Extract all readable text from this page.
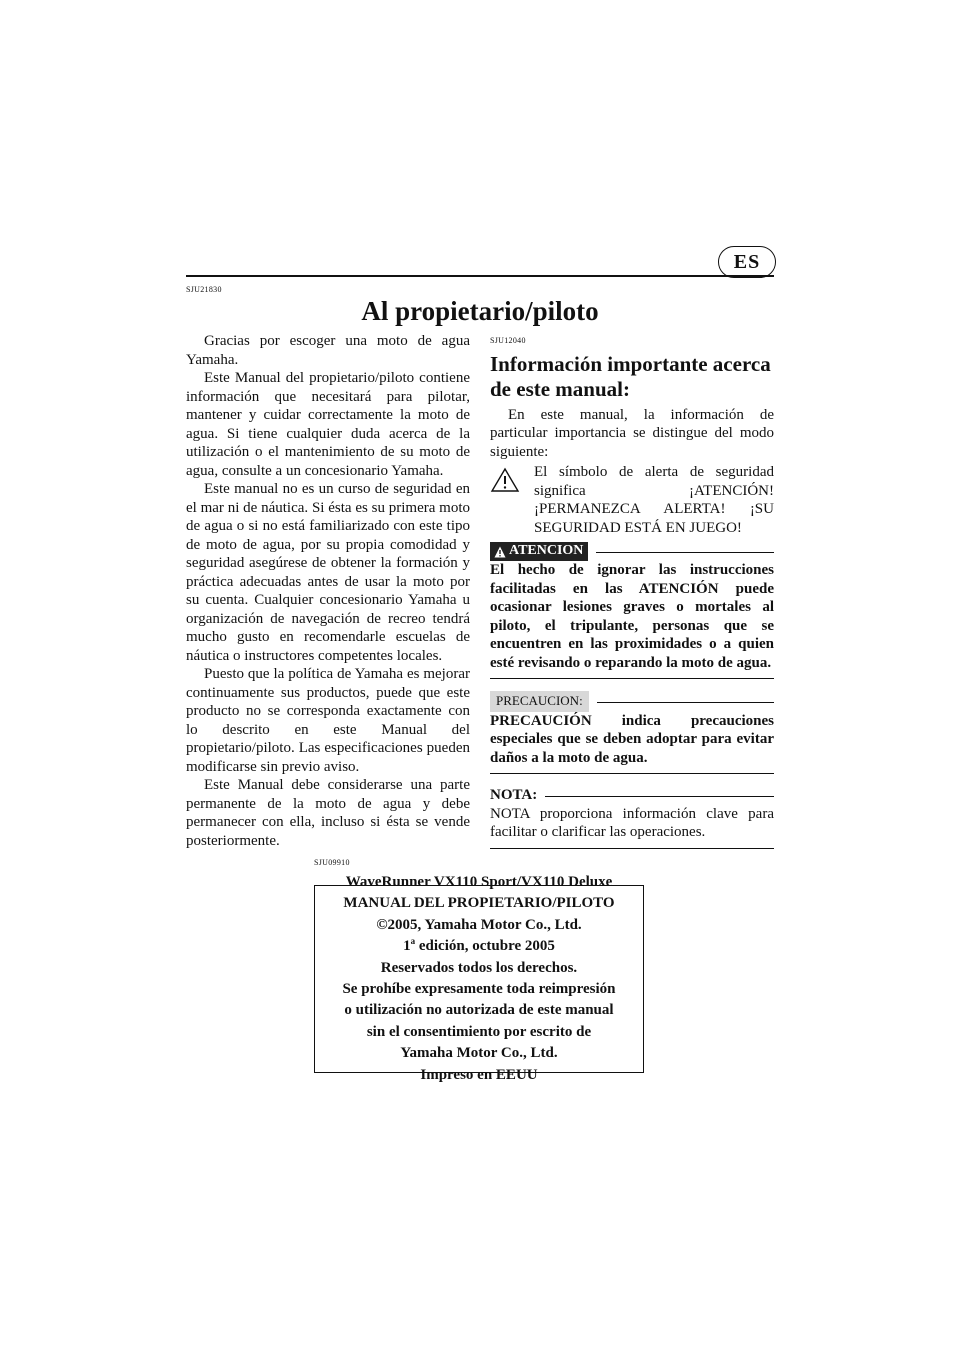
ES
SJU21830
Al propietario/piloto

Gracias por escoger una moto de agua Yamaha.

Este Manual del propietario/piloto contiene información que necesitará para pilotar, mantener y cuidar correctamente la moto de agua. Si tiene cualquier duda acerca de la utilización o el mantenimiento de su moto de agua, consulte a un concesionario Yamaha.

Este manual no es un curso de seguridad en el mar ni de náutica. Si ésta es su primera moto de agua o si no está familiarizado con este tipo de moto de agua, por su propia comodidad y seguridad asegúrese de obtener la formación y práctica adecuadas antes de usar la moto por su cuenta. Cualquier concesionario Yamaha u organización de navegación de recreo tendrá mucho gusto en recomendarle escuelas de náutica o instructores competentes locales.

Puesto que la política de Yamaha es mejorar continuamente sus productos, puede que este producto no se corresponda exactamente con lo descrito en este Manual del propietario/piloto. Las especificaciones pueden modificarse sin previo aviso.

Este Manual debe considerarse una parte permanente de la moto de agua y debe permanecer con ella, incluso si ésta se vende posteriormente.

SJU12040
Información importante acerca de este manual:

En este manual, la información de particular importancia se distingue del modo siguiente:

El símbolo de alerta de seguridad significa ¡ATENCIÓN! ¡PERMANEZCA ALERTA! ¡SU SEGURIDAD ESTÁ EN JUEGO!

ATENCION

El hecho de ignorar las instrucciones facilitadas en las ATENCIÓN puede ocasionar lesiones graves o mortales al piloto, el tripulante, personas que se encuentren en las proximidades o a quien esté revisando o reparando la moto de agua.

PRECAUCION:

PRECAUCIÓN indica precauciones especiales que se deben adoptar para evitar daños a la moto de agua.

NOTA:

NOTA proporciona información clave para facilitar o clarificar las operaciones.

SJU09910
WaveRunner VX110 Sport/VX110 Deluxe
MANUAL DEL PROPIETARIO/PILOTO
©2005, Yamaha Motor Co., Ltd.
1$^a$ edición, octubre 2005
Reservados todos los derechos.
Se prohíbe expresamente toda reimpresión
o utilización no autorizada de este manual
sin el consentimiento por escrito de
Yamaha Motor Co., Ltd.
Impreso en EEUU
